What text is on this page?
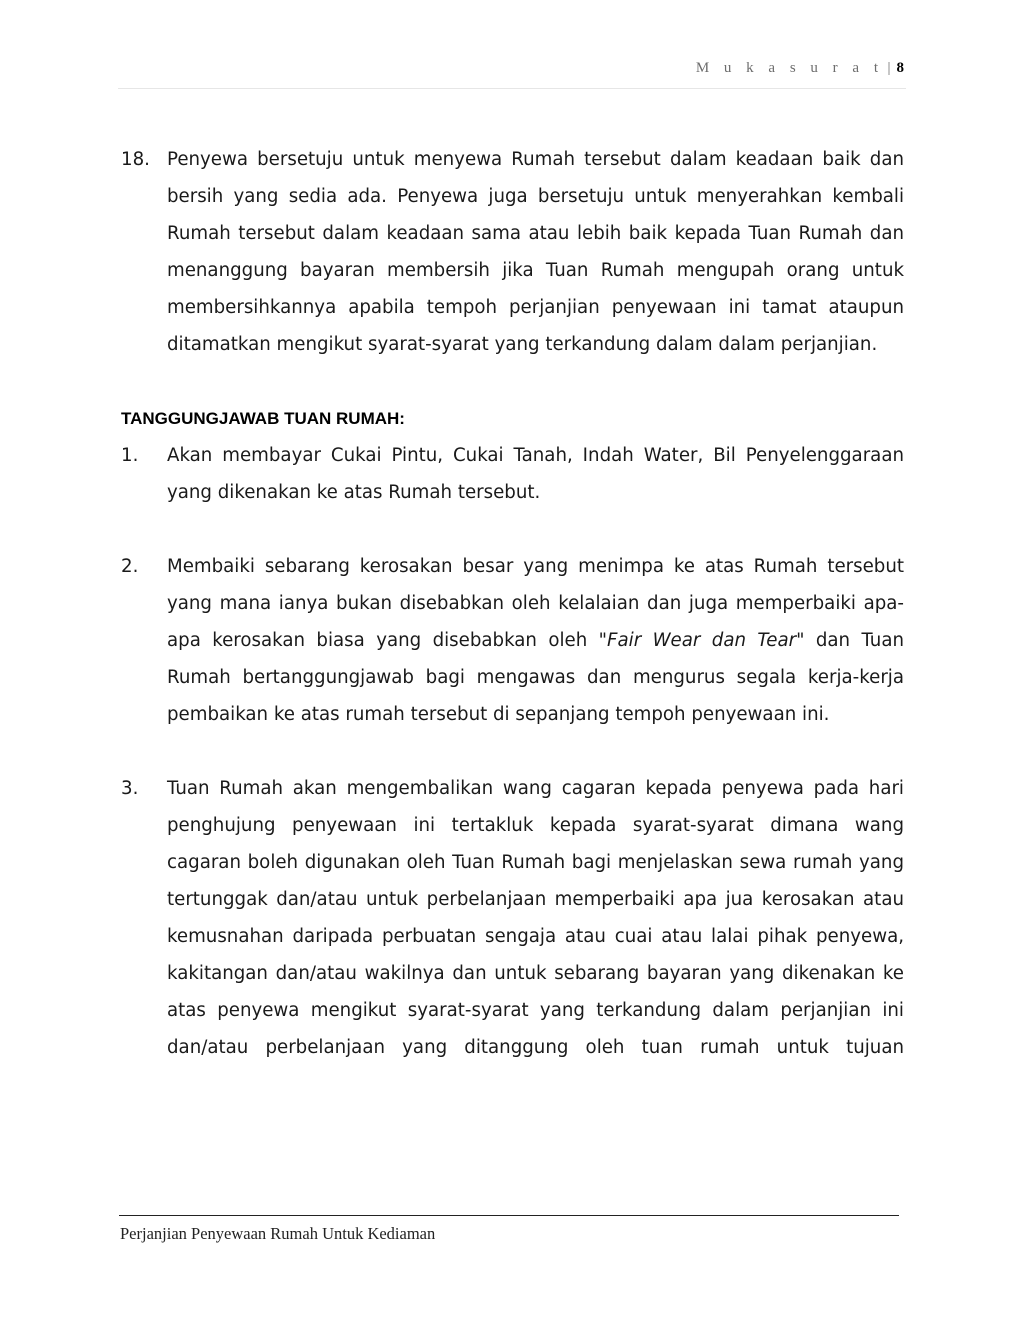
M u k a s u r a t | 8
18. Penyewa bersetuju untuk menyewa Rumah tersebut dalam keadaan baik dan bersih yang sedia ada. Penyewa juga bersetuju untuk menyerahkan kembali Rumah tersebut dalam keadaan sama atau lebih baik kepada Tuan Rumah dan menanggung bayaran membersih jika Tuan Rumah mengupah orang untuk membersihkannya apabila tempoh perjanjian penyewaan ini tamat ataupun ditamatkan mengikut syarat-syarat yang terkandung dalam dalam perjanjian.
TANGGUNGJAWAB TUAN RUMAH:
1.	Akan membayar Cukai Pintu, Cukai Tanah, Indah Water, Bil Penyelenggaraan yang dikenakan ke atas Rumah tersebut.
2.	Membaiki sebarang kerosakan besar yang menimpa ke atas Rumah tersebut yang mana ianya bukan disebabkan oleh kelalaian dan juga memperbaiki apa-apa kerosakan biasa yang disebabkan oleh "Fair Wear dan Tear" dan Tuan Rumah bertanggungjawab bagi mengawas dan mengurus segala kerja-kerja pembaikan ke atas rumah tersebut di sepanjang tempoh penyewaan ini.
3.	Tuan Rumah akan mengembalikan wang cagaran kepada penyewa pada hari penghujung penyewaan ini tertakluk kepada syarat-syarat dimana wang cagaran boleh digunakan oleh Tuan Rumah bagi menjelaskan sewa rumah yang tertunggak dan/atau untuk perbelanjaan memperbaiki apa jua kerosakan atau kemusnahan daripada perbuatan sengaja atau cuai atau lalai pihak penyewa, kakitangan dan/atau wakilnya dan untuk sebarang bayaran yang dikenakan ke atas penyewa mengikut syarat-syarat yang terkandung dalam perjanjian ini dan/atau perbelanjaan yang ditanggung oleh tuan rumah untuk tujuan
Perjanjian Penyewaan Rumah Untuk Kediaman
